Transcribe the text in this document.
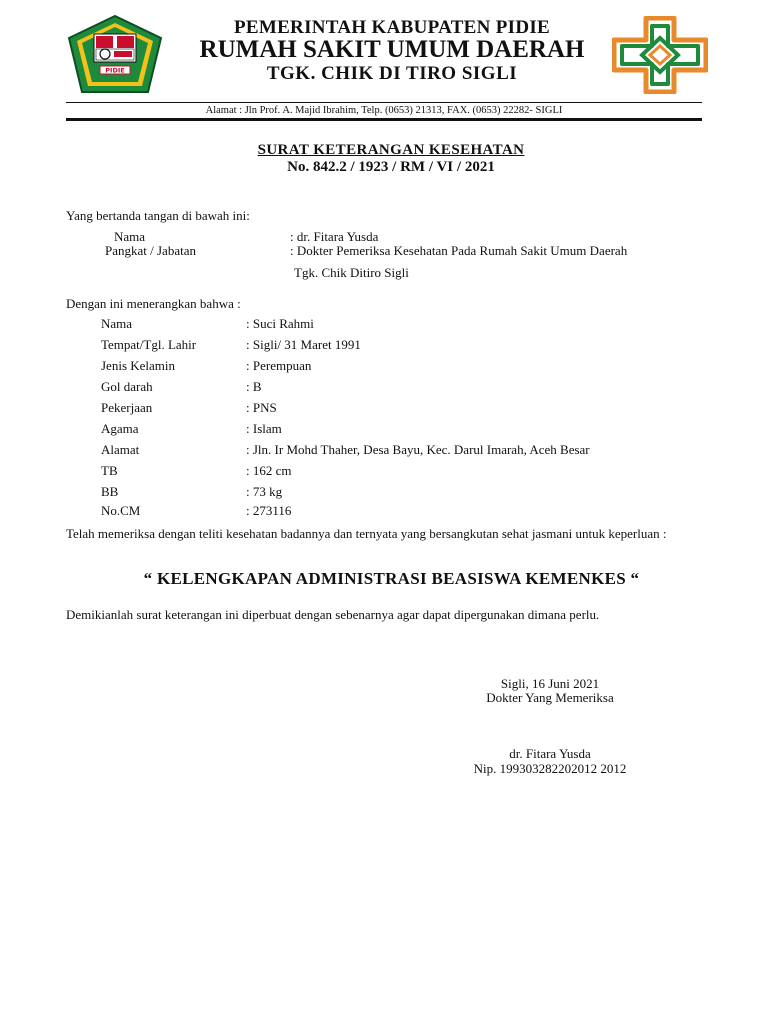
PIDIE
PEMERINTAH KABUPATEN PIDIE
RUMAH SAKIT UMUM DAERAH
TGK. CHIK DI TIRO SIGLI
Alamat : Jln Prof. A. Majid Ibrahim, Telp. (0653) 21313, FAX. (0653) 22282- SIGLI
SURAT KETERANGAN KESEHATAN
No. 842.2 / 1923 / RM / VI / 2021
Yang bertanda tangan di bawah ini:
Nama	: dr. Fitara Yusda
Pangkat / Jabatan	: Dokter Pemeriksa Kesehatan Pada Rumah Sakit Umum Daerah
Tgk. Chik Ditiro Sigli
Dengan ini menerangkan bahwa :
Nama	: Suci Rahmi
Tempat/Tgl. Lahir	: Sigli/ 31 Maret 1991
Jenis Kelamin	: Perempuan
Gol darah	: B
Pekerjaan	: PNS
Agama	: Islam
Alamat	: Jln. Ir Mohd Thaher, Desa Bayu, Kec. Darul Imarah, Aceh Besar
TB	: 162 cm
BB	: 73 kg
No.CM	: 273116
Telah memeriksa dengan teliti kesehatan badannya dan ternyata yang bersangkutan sehat jasmani untuk keperluan :
“ KELENGKAPAN ADMINISTRASI BEASISWA KEMENKES “
Demikianlah surat keterangan ini diperbuat dengan sebenarnya agar dapat dipergunakan dimana perlu.
Sigli, 16 Juni 2021
Dokter Yang Memeriksa
dr. Fitara Yusda
Nip. 199303282202012 2012
